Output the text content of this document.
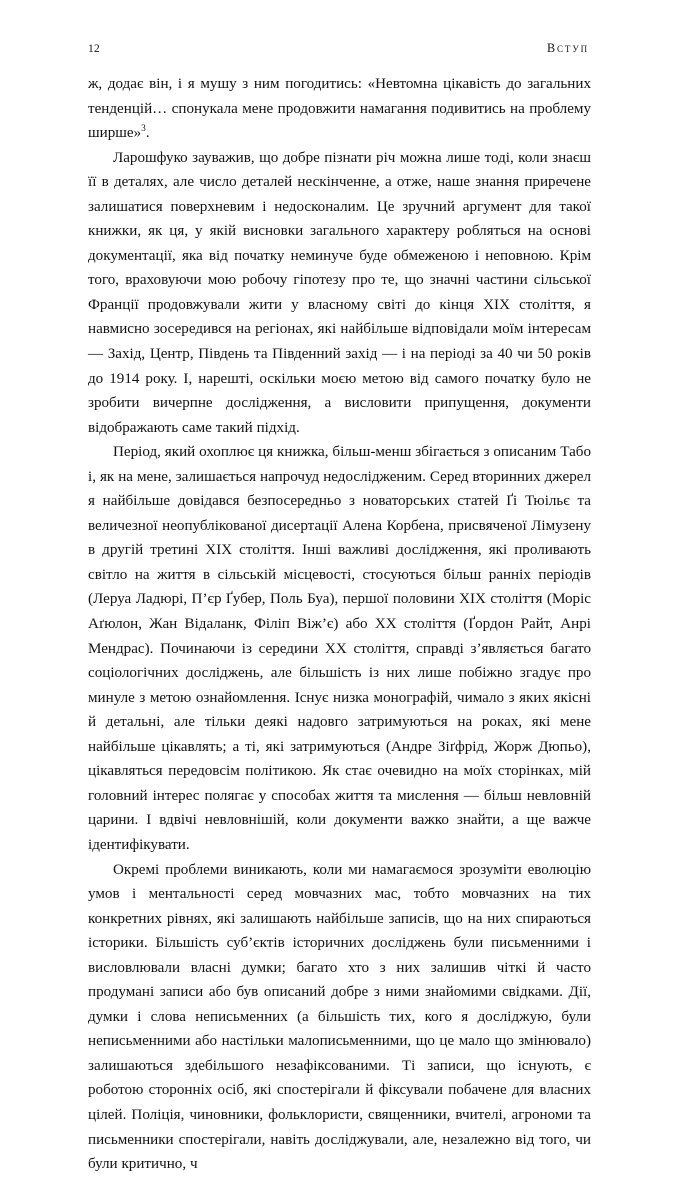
12	вступ

ж, додає він, і я мушу з ним погодитись: «Невтомна цікавість до загальних тенденцій… спонукала мене продовжити намагання подивитись на проблему ширше»$^3$.

Ларошфуко зауважив, що добре пізнати річ можна лише тоді, коли знаєш її в деталях, але число деталей нескінченне, а отже, наше знання приречене залишатися поверхневим і недосконалим. Це зручний аргумент для такої книжки, як ця, у якій висновки загального характеру робляться на основі документації, яка від початку неминуче буде обмеженою і неповною. Крім того, враховуючи мою робочу гіпотезу про те, що значні частини сільської Франції продовжували жити у власному світі до кінця XIX століття, я навмисно зосередився на регіонах, які найбільше відповідали моїм інтересам — Захід, Центр, Південь та Південний захід — і на періоді за 40 чи 50 років до 1914 року. І, нарешті, оскільки моєю метою від самого початку було не зробити вичерпне дослідження, а висловити припущення, документи відображають саме такий підхід.

Період, який охоплює ця книжка, більш-менш збігається з описаним Табо і, як на мене, залишається напрочуд недослідженим. Серед вторинних джерел я найбільше довідався безпосередньо з новаторських статей Ґі Тюільє та величезної неопублікованої дисертації Алена Корбена, присвяченої Лімузену в другій третині XIX століття. Інші важливі дослідження, які проливають світло на життя в сільській місцевості, стосуються більш ранніх періодів (Леруа Ладюрі, П’єр Ґубер, Поль Буа), першої половини XIX століття (Моріс Аґюлон, Жан Відаланк, Філіп Віж’є) або XX століття (Ґордон Райт, Анрі Мендрас). Починаючи із середини XX століття, справді з’являється багато соціологічних досліджень, але більшість із них лише побіжно згадує про минуле з метою ознайомлення. Існує низка монографій, чимало з яких якісні й детальні, але тільки деякі надовго затримуються на роках, які мене найбільше цікавлять; а ті, які затримуються (Андре Зіґфрід, Жорж Дюпьо), цікавляться передовсім політикою. Як стає очевидно на моїх сторінках, мій головний інтерес полягає у способах життя та мислення — більш невловній царини. І вдвічі невловнішій, коли документи важко знайти, а ще важче ідентифікувати.

Окремі проблеми виникають, коли ми намагаємося зрозуміти еволюцію умов і ментальності серед мовчазних мас, тобто мовчазних на тих конкретних рівнях, які залишають найбільше записів, що на них спираються історики. Більшість суб’єктів історичних досліджень були письменними і висловлювали власні думки; багато хто з них залишив чіткі й часто продумані записи або був описаний добре з ними знайомими свідками. Дії, думки і слова неписьменних (а більшість тих, кого я досліджую, були неписьменними або настільки малописьменними, що це мало що змінювало) залишаються здебільшого незафіксованими. Ті записи, що існують, є роботою сторонніх осіб, які спостерігали й фіксували побачене для власних цілей. Поліція, чиновники, фольклористи, священники, вчителі, агрономи та письменники спостерігали, навіть досліджували, але, незалежно від того, чи були критично, ч
